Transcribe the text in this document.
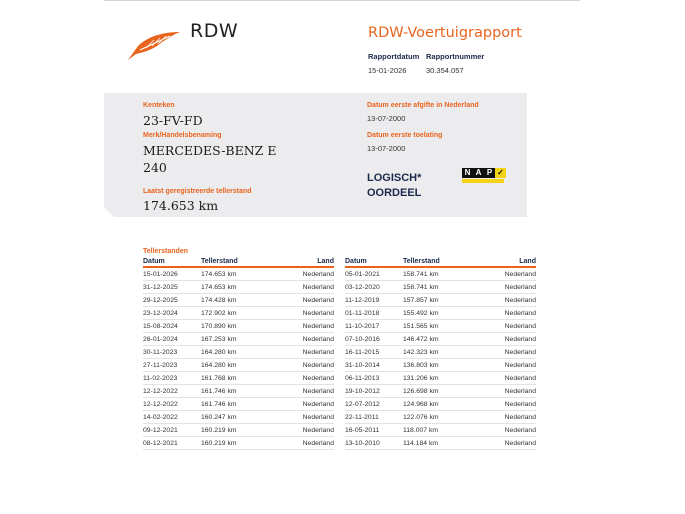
RDW	RDW-Voertuigrapport
Rapportdatum
15-01-2026
Rapportnummer
30.354.057
Kenteken
23-FV-FD
Merk/Handelsbenaming
MERCEDES-BENZ E
240
Laatst geregistreerde tellerstand
174.653 km
Datum eerste afgifte in Nederland
13-07-2000
Datum eerste toelating
13-07-2000
LOGISCH*
OORDEEL
N A P ✓
Tellerstanden
Datum	Tellerstand	Land
15-01-2026	174.653 km	Nederland
31-12-2025	174.653 km	Nederland
29-12-2025	174.428 km	Nederland
23-12-2024	172.902 km	Nederland
15-08-2024	170.890 km	Nederland
26-01-2024	167.253 km	Nederland
30-11-2023	164.280 km	Nederland
27-11-2023	164.280 km	Nederland
11-02-2023	161.768 km	Nederland
12-12-2022	161.746 km	Nederland
12-12-2022	161.746 km	Nederland
14-02-2022	160.247 km	Nederland
09-12-2021	160.219 km	Nederland
08-12-2021	160.219 km	Nederland
Datum	Tellerstand	Land
05-01-2021	158.741 km	Nederland
03-12-2020	158.741 km	Nederland
11-12-2019	157.857 km	Nederland
01-11-2018	155.492 km	Nederland
11-10-2017	151.565 km	Nederland
07-10-2016	146.472 km	Nederland
16-11-2015	142.323 km	Nederland
31-10-2014	136.803 km	Nederland
06-11-2013	131.206 km	Nederland
19-10-2012	126.698 km	Nederland
12-07-2012	124.968 km	Nederland
22-11-2011	122.076 km	Nederland
16-05-2011	118.007 km	Nederland
13-10-2010	114.184 km	Nederland
